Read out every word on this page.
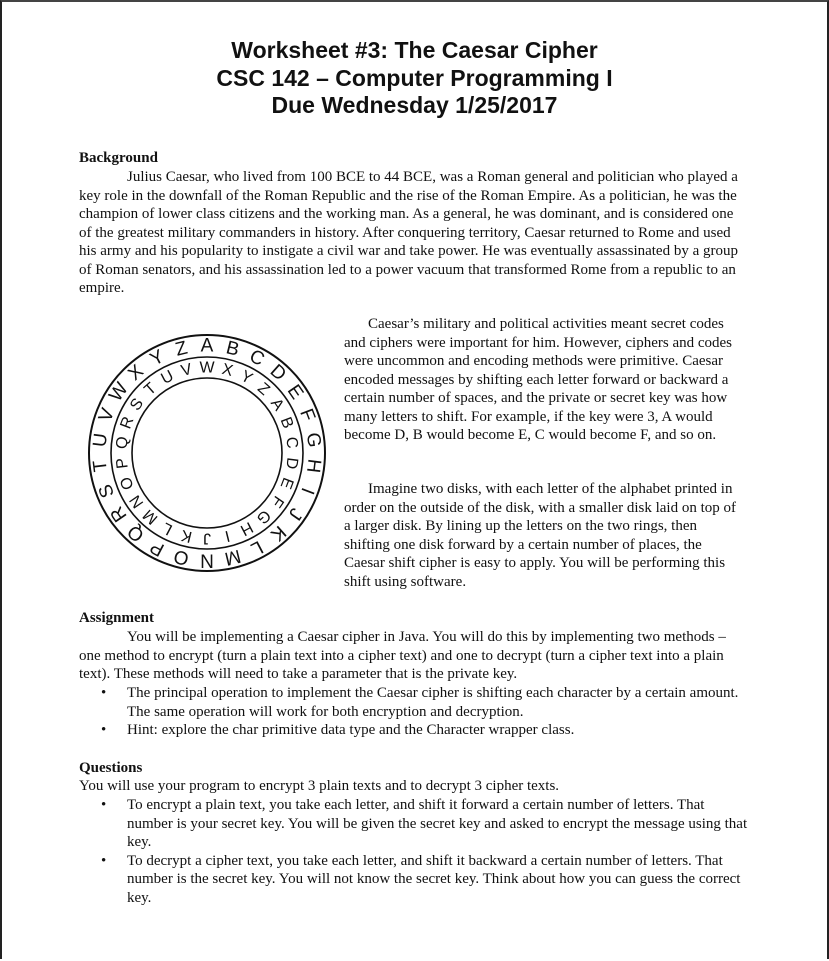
Worksheet #3: The Caesar Cipher
CSC 142 – Computer Programming I
Due Wednesday 1/25/2017
Background
Julius Caesar, who lived from 100 BCE to 44 BCE, was a Roman general and politician who played a key role in the downfall of the Roman Republic and the rise of the Roman Empire. As a politician, he was the champion of lower class citizens and the working man. As a general, he was dominant, and is considered one of the greatest military commanders in history. After conquering territory, Caesar returned to Rome and used his army and his popularity to instigate a civil war and take power. He was eventually assassinated by a group of Roman senators, and his assassination led to a power vacuum that transformed Rome from a republic to an empire.
A B C
D
E
F
G
H
I
J
K
L
M
N
O
P
Q
R
S
T
U
V
W
X
Y Z
W X Y
Z
A
B
C
D
E
F
G
H
I
J
K
L
M
N
O
P
Q
R
S
T
U V
Caesar’s military and political activities meant secret codes and ciphers were important for him. However, ciphers and codes were uncommon and encoding methods were primitive. Caesar encoded messages by shifting each letter forward or backward a certain number of spaces, and the private or secret key was how many letters to shift. For example, if the key were 3, A would become D, B would become E, C would become F, and so on.
Imagine two disks, with each letter of the alphabet printed in order on the outside of the disk, with a smaller disk laid on top of a larger disk. By lining up the letters on the two rings, then shifting one disk forward by a certain number of places, the Caesar shift cipher is easy to apply. You will be performing this shift using software.
Assignment
You will be implementing a Caesar cipher in Java. You will do this by implementing two methods – one method to encrypt (turn a plain text into a cipher text) and one to decrypt (turn a cipher text into a plain text). These methods will need to take a parameter that is the private key.
• The principal operation to implement the Caesar cipher is shifting each character by a certain amount. The same operation will work for both encryption and decryption.
• Hint: explore the char primitive data type and the Character wrapper class.
Questions
You will use your program to encrypt 3 plain texts and to decrypt 3 cipher texts.
• To encrypt a plain text, you take each letter, and shift it forward a certain number of letters. That number is your secret key. You will be given the secret key and asked to encrypt the message using that key.
• To decrypt a cipher text, you take each letter, and shift it backward a certain number of letters. That number is the secret key. You will not know the secret key. Think about how you can guess the correct key.
